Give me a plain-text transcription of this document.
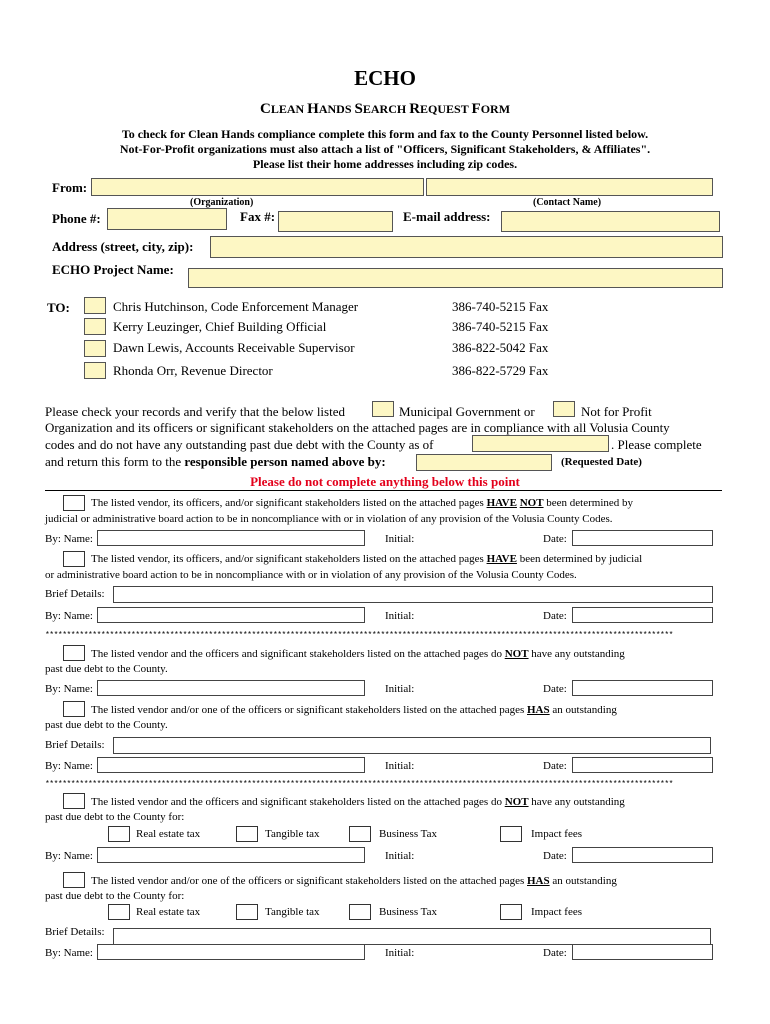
ECHO
CLEAN HANDS SEARCH REQUEST FORM
To check for Clean Hands compliance complete this form and fax to the County Personnel listed below.
Not-For-Profit organizations must also attach a list of "Officers, Significant Stakeholders, & Affiliates".
Please list their home addresses including zip codes.
From:
(Organization)	(Contact Name)
Phone #:	Fax #:	E-mail address:
Address (street, city, zip):
ECHO Project Name:
TO:	Chris Hutchinson, Code Enforcement Manager	386-740-5215 Fax
Kerry Leuzinger, Chief Building Official	386-740-5215 Fax
Dawn Lewis, Accounts Receivable Supervisor	386-822-5042 Fax
Rhonda Orr, Revenue Director	386-822-5729 Fax
Please check your records and verify that the below listed	Municipal Government or	Not for Profit
Organization and its officers or significant stakeholders on the attached pages are in compliance with all Volusia County
codes and do not have any outstanding past due debt with the County as of	. Please complete
and return this form to the responsible person named above by:	(Requested Date)
Please do not complete anything below this point
The listed vendor, its officers, and/or significant stakeholders listed on the attached pages HAVE NOT been determined by
judicial or administrative board action to be in noncompliance with or in violation of any provision of the Volusia County Codes.
By: Name:	Initial:	Date:
The listed vendor, its officers, and/or significant stakeholders listed on the attached pages HAVE been determined by judicial
or administrative board action to be in noncompliance with or in violation of any provision of the Volusia County Codes.
Brief Details:
By: Name:	Initial:	Date:
**************************************************************************************************************************************************
The listed vendor and the officers and significant stakeholders listed on the attached pages do NOT have any outstanding
past due debt to the County.
By: Name:	Initial:	Date:
The listed vendor and/or one of the officers or significant stakeholders listed on the attached pages HAS an outstanding
past due debt to the County.
Brief Details:
By: Name:	Initial:	Date:
**************************************************************************************************************************************************
The listed vendor and the officers and significant stakeholders listed on the attached pages do NOT have any outstanding
past due debt to the County for:
Real estate tax	Tangible tax	Business Tax	Impact fees
By: Name:	Initial:	Date:
The listed vendor and/or one of the officers or significant stakeholders listed on the attached pages HAS an outstanding
past due debt to the County for:
Real estate tax	Tangible tax	Business Tax	Impact fees
Brief Details:
By: Name:	Initial:	Date:
